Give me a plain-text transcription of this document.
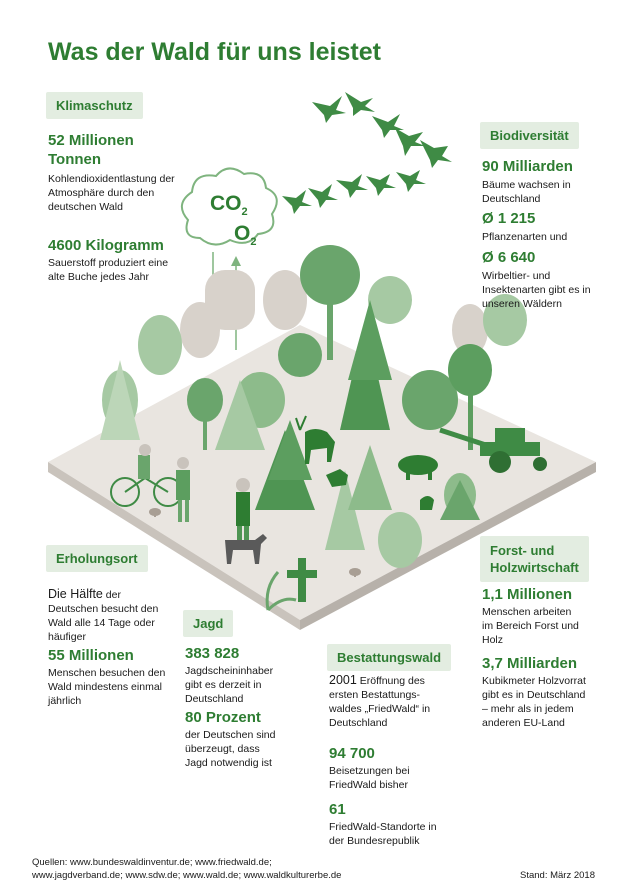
Was der Wald für uns leistet
Klimaschutz
52 Millionen Tonnen
Kohlendioxidentlastung der Atmosphäre durch den deutschen Wald
4600 Kilogramm
Sauerstoff produziert eine alte Buche jedes Jahr
$CO_2$
$O_2$
Biodiversität
90 Milliarden
Bäume wachsen in Deutschland
Ø 1 215
Pflanzenarten und
Ø 6 640
Wirbeltier- und Insektenarten gibt es in unseren Wäldern
Erholungsort
Die Hälfte der Deutschen besucht den Wald alle 14 Tage oder häufiger
55 Millionen
Menschen besuchen den Wald mindestens einmal jährlich
Jagd
383 828
Jagdscheininhaber gibt es derzeit in Deutschland
80 Prozent
der Deutschen sind überzeugt, dass Jagd notwendig ist
Bestattungswald
2001 Eröffnung des ersten Bestattungs-waldes „FriedWald“ in Deutschland
94 700
Beisetzungen bei FriedWald bisher
61
FriedWald-Standorte in der Bundesrepublik
Forst- und
Holzwirtschaft
1,1 Millionen
Menschen arbeiten im Bereich Forst und Holz
3,7 Milliarden
Kubikmeter Holzvorrat gibt es in Deutschland – mehr als in jedem anderen EU-Land
Quellen: www.bundeswaldinventur.de; www.friedwald.de;
www.jagdverband.de; www.sdw.de; www.wald.de; www.waldkulturerbe.de	Stand: März 2018
